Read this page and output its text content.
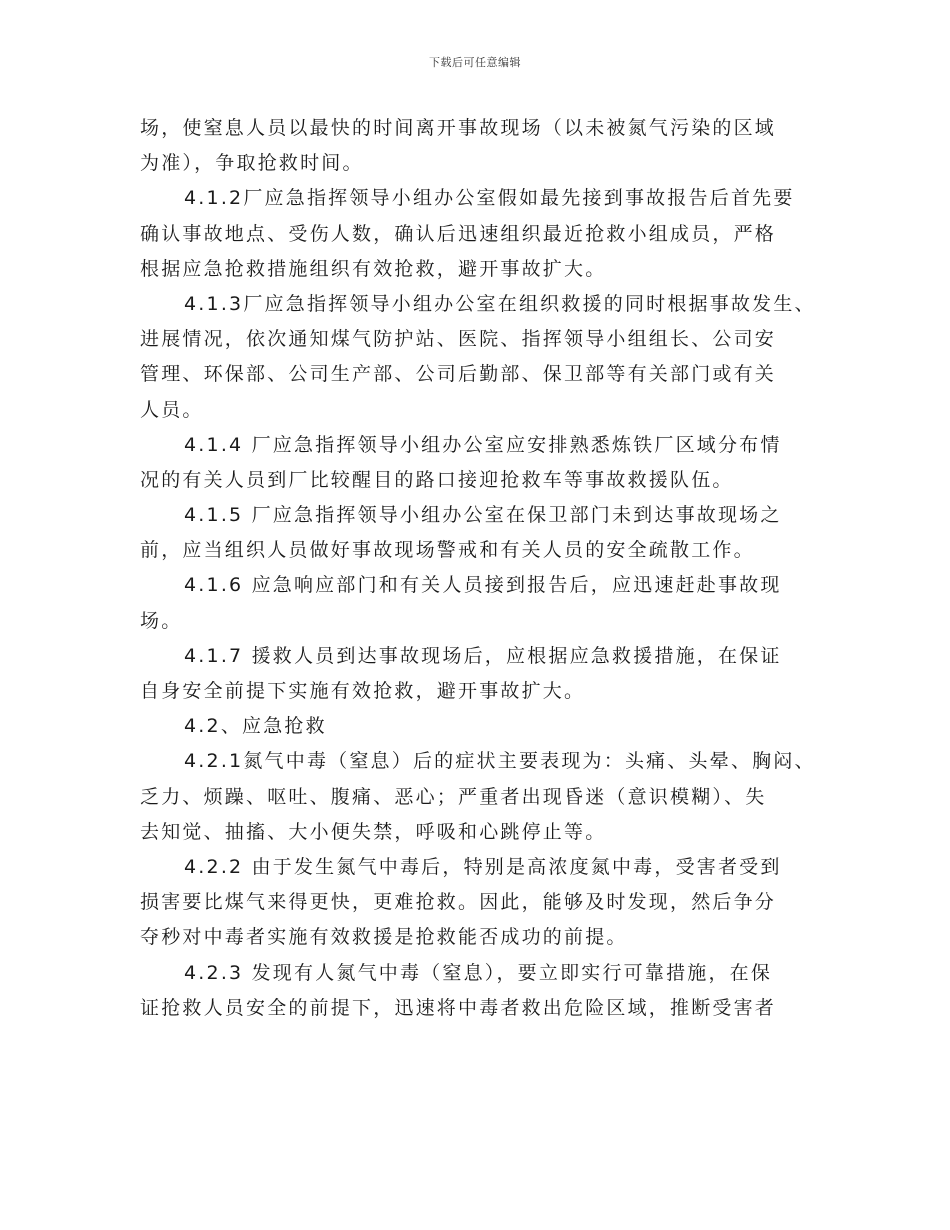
下载后可任意编辑
场，使窒息人员以最快的时间离开事故现场（以未被氮气污染的区域
为准），争取抢救时间。
4.1.2厂应急指挥领导小组办公室假如最先接到事故报告后首先要
确认事故地点、受伤人数，确认后迅速组织最近抢救小组成员，严格
根据应急抢救措施组织有效抢救，避开事故扩大。
4.1.3厂应急指挥领导小组办公室在组织救援的同时根据事故发生、
进展情况，依次通知煤气防护站、医院、指挥领导小组组长、公司安
管理、环保部、公司生产部、公司后勤部、保卫部等有关部门或有关
人员。
4.1.4 厂应急指挥领导小组办公室应安排熟悉炼铁厂区域分布情
况的有关人员到厂比较醒目的路口接迎抢救车等事故救援队伍。
4.1.5 厂应急指挥领导小组办公室在保卫部门未到达事故现场之
前，应当组织人员做好事故现场警戒和有关人员的安全疏散工作。
4.1.6 应急响应部门和有关人员接到报告后，应迅速赶赴事故现
场。
4.1.7 援救人员到达事故现场后，应根据应急救援措施，在保证
自身安全前提下实施有效抢救，避开事故扩大。
4.2、应急抢救
4.2.1氮气中毒（窒息）后的症状主要表现为：头痛、头晕、胸闷、
乏力、烦躁、呕吐、腹痛、恶心；严重者出现昏迷（意识模糊）、失
去知觉、抽搐、大小便失禁，呼吸和心跳停止等。
4.2.2 由于发生氮气中毒后，特别是高浓度氮中毒，受害者受到
损害要比煤气来得更快，更难抢救。因此，能够及时发现，然后争分
夺秒对中毒者实施有效救援是抢救能否成功的前提。
4.2.3 发现有人氮气中毒（窒息），要立即实行可靠措施，在保
证抢救人员安全的前提下，迅速将中毒者救出危险区域，推断受害者
